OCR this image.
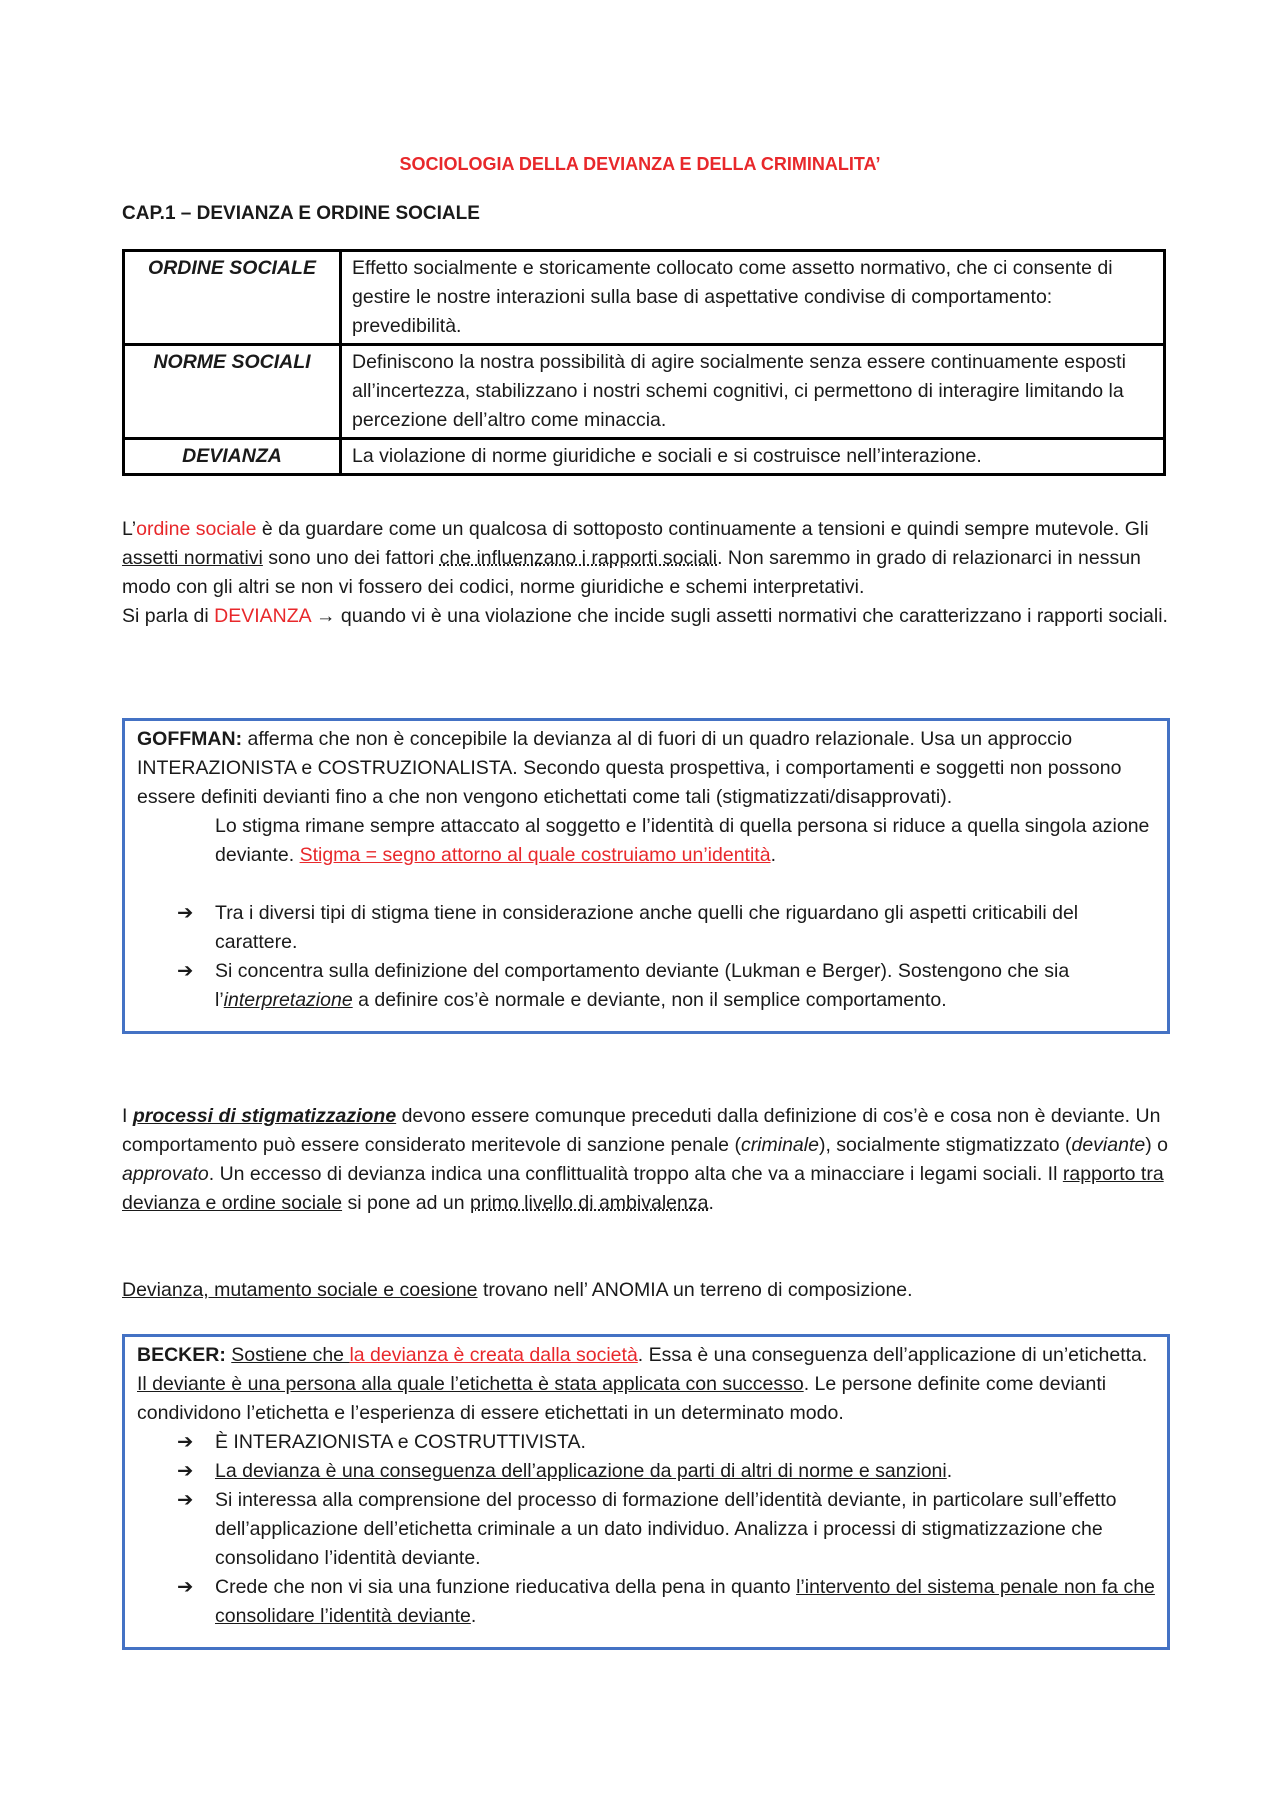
SOCIOLOGIA DELLA DEVIANZA E DELLA CRIMINALITA’
CAP.1 – DEVIANZA E ORDINE SOCIALE
ORDINE SOCIALE	Effetto socialmente e storicamente collocato come assetto normativo, che ci consente di gestire le nostre interazioni sulla base di aspettative condivise di comportamento: prevedibilità.
NORME SOCIALI	Definiscono la nostra possibilità di agire socialmente senza essere continuamente esposti all’incertezza, stabilizzano i nostri schemi cognitivi, ci permettono di interagire limitando la percezione dell’altro come minaccia.
DEVIANZA	La violazione di norme giuridiche e sociali e si costruisce nell’interazione.
L’ordine sociale è da guardare come un qualcosa di sottoposto continuamente a tensioni e quindi sempre mutevole. Gli assetti normativi sono uno dei fattori che influenzano i rapporti sociali. Non saremmo in grado di relazionarci in nessun modo con gli altri se non vi fossero dei codici, norme giuridiche e schemi interpretativi.
Si parla di DEVIANZA → quando vi è una violazione che incide sugli assetti normativi che caratterizzano i rapporti sociali.
GOFFMAN: afferma che non è concepibile la devianza al di fuori di un quadro relazionale. Usa un approccio INTERAZIONISTA e COSTRUZIONALISTA. Secondo questa prospettiva, i comportamenti e soggetti non possono essere definiti devianti fino a che non vengono etichettati come tali (stigmatizzati/disapprovati).
Lo stigma rimane sempre attaccato al soggetto e l’identità di quella persona si riduce a quella singola azione deviante. Stigma = segno attorno al quale costruiamo un’identità.
➔ Tra i diversi tipi di stigma tiene in considerazione anche quelli che riguardano gli aspetti criticabili del carattere.
➔ Si concentra sulla definizione del comportamento deviante (Lukman e Berger). Sostengono che sia l’interpretazione a definire cos’è normale e deviante, non il semplice comportamento.
I processi di stigmatizzazione devono essere comunque preceduti dalla definizione di cos’è e cosa non è deviante. Un comportamento può essere considerato meritevole di sanzione penale (criminale), socialmente stigmatizzato (deviante) o approvato. Un eccesso di devianza indica una conflittualità troppo alta che va a minacciare i legami sociali. Il rapporto tra devianza e ordine sociale si pone ad un primo livello di ambivalenza.
Devianza, mutamento sociale e coesione trovano nell’ ANOMIA un terreno di composizione.
BECKER: Sostiene che la devianza è creata dalla società. Essa è una conseguenza dell’applicazione di un’etichetta. Il deviante è una persona alla quale l’etichetta è stata applicata con successo. Le persone definite come devianti condividono l’etichetta e l’esperienza di essere etichettati in un determinato modo.
➔ È INTERAZIONISTA e COSTRUTTIVISTA.
➔ La devianza è una conseguenza dell’applicazione da parti di altri di norme e sanzioni.
➔ Si interessa alla comprensione del processo di formazione dell’identità deviante, in particolare sull’effetto dell’applicazione dell’etichetta criminale a un dato individuo. Analizza i processi di stigmatizzazione che consolidano l’identità deviante.
➔ Crede che non vi sia una funzione rieducativa della pena in quanto l’intervento del sistema penale non fa che consolidare l’identità deviante.
